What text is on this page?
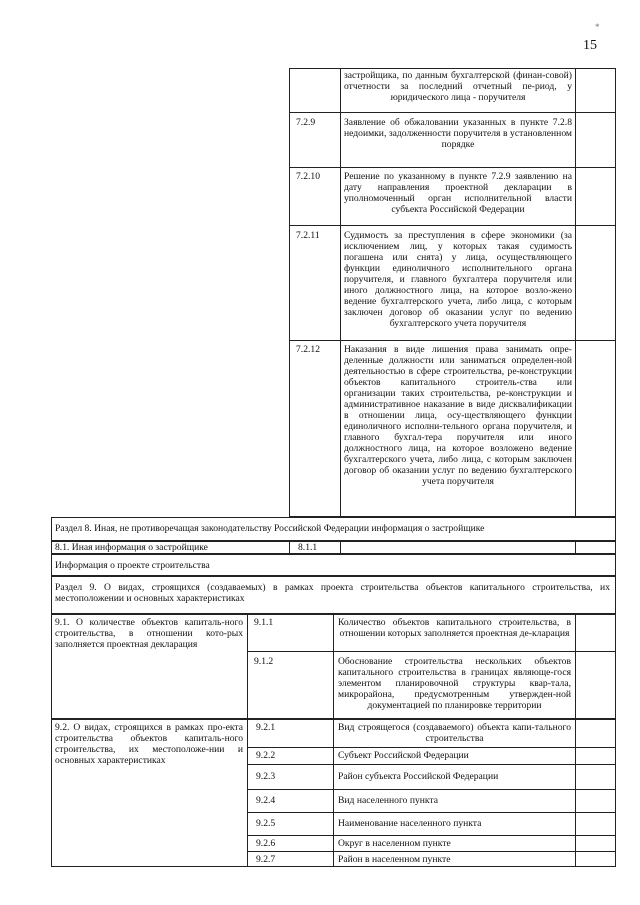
*
15
застройщика, по данным бухгалтерской (финан-совой) отчетности за последний отчетный пе-риод, у юридического лица - поручителя
7.2.9	Заявление об обжаловании указанных в пункте 7.2.8 недоимки, задолженности поручителя в установленном порядке
7.2.10	Решение по указанному в пункте 7.2.9 заявлению на дату направления проектной декларации в уполномоченный орган исполнительной власти субъекта Российской Федерации
7.2.11	Судимость за преступления в сфере экономики (за исключением лиц, у которых такая судимость погашена или снята) у лица, осуществляющего функции единоличного исполнительного органа поручителя, и главного бухгалтера поручителя или иного должностного лица, на которое возло-жено ведение бухгалтерского учета, либо лица, с которым заключен договор об оказании услуг по ведению бухгалтерского учета поручителя
7.2.12	Наказания в виде лишения права занимать опре-деленные должности или заниматься определен-ной деятельностью в сфере строительства, ре-конструкции объектов капитального строитель-ства или организации таких строительства, ре-конструкции и административное наказание в виде дисквалификации в отношении лица, осу-ществляющего функции единоличного исполни-тельного органа поручителя, и главного бухгал-тера поручителя или иного должностного лица, на которое возложено ведение бухгалтерского учета, либо лица, с которым заключен договор об оказании услуг по ведению бухгалтерского учета поручителя
Раздел 8. Иная, не противоречащая законодательству Российской Федерации информация о застройщике
8.1. Иная информация о застройщике	8.1.1
Информация о проекте строительства
Раздел 9. О видах, строящихся (создаваемых) в рамках проекта строительства объектов капитального строительства, их местоположении и основных характеристиках
9.1. О количестве объектов капиталь-ного строительства, в отношении кото-рых заполняется проектная декларация
9.1.1	Количество объектов капитального строительства, в отношении которых заполняется проектная де-кларация
9.1.2	Обоснование строительства нескольких объектов капитального строительства в границах являюще-гося элементом планировочной структуры квар-тала, микрорайона, предусмотренным утвержден-ной документацией по планировке территории
9.2. О видах, строящихся в рамках про-екта строительства объектов капиталь-ного строительства, их местоположе-нии и основных характеристиках
9.2.1	Вид строящегося (создаваемого) объекта капи-тального строительства
9.2.2	Субъект Российской Федерации
9.2.3	Район субъекта Российской Федерации
9.2.4	Вид населенного пункта
9.2.5	Наименование населенного пункта
9.2.6	Округ в населенном пункте
9.2.7	Район в населенном пункте
